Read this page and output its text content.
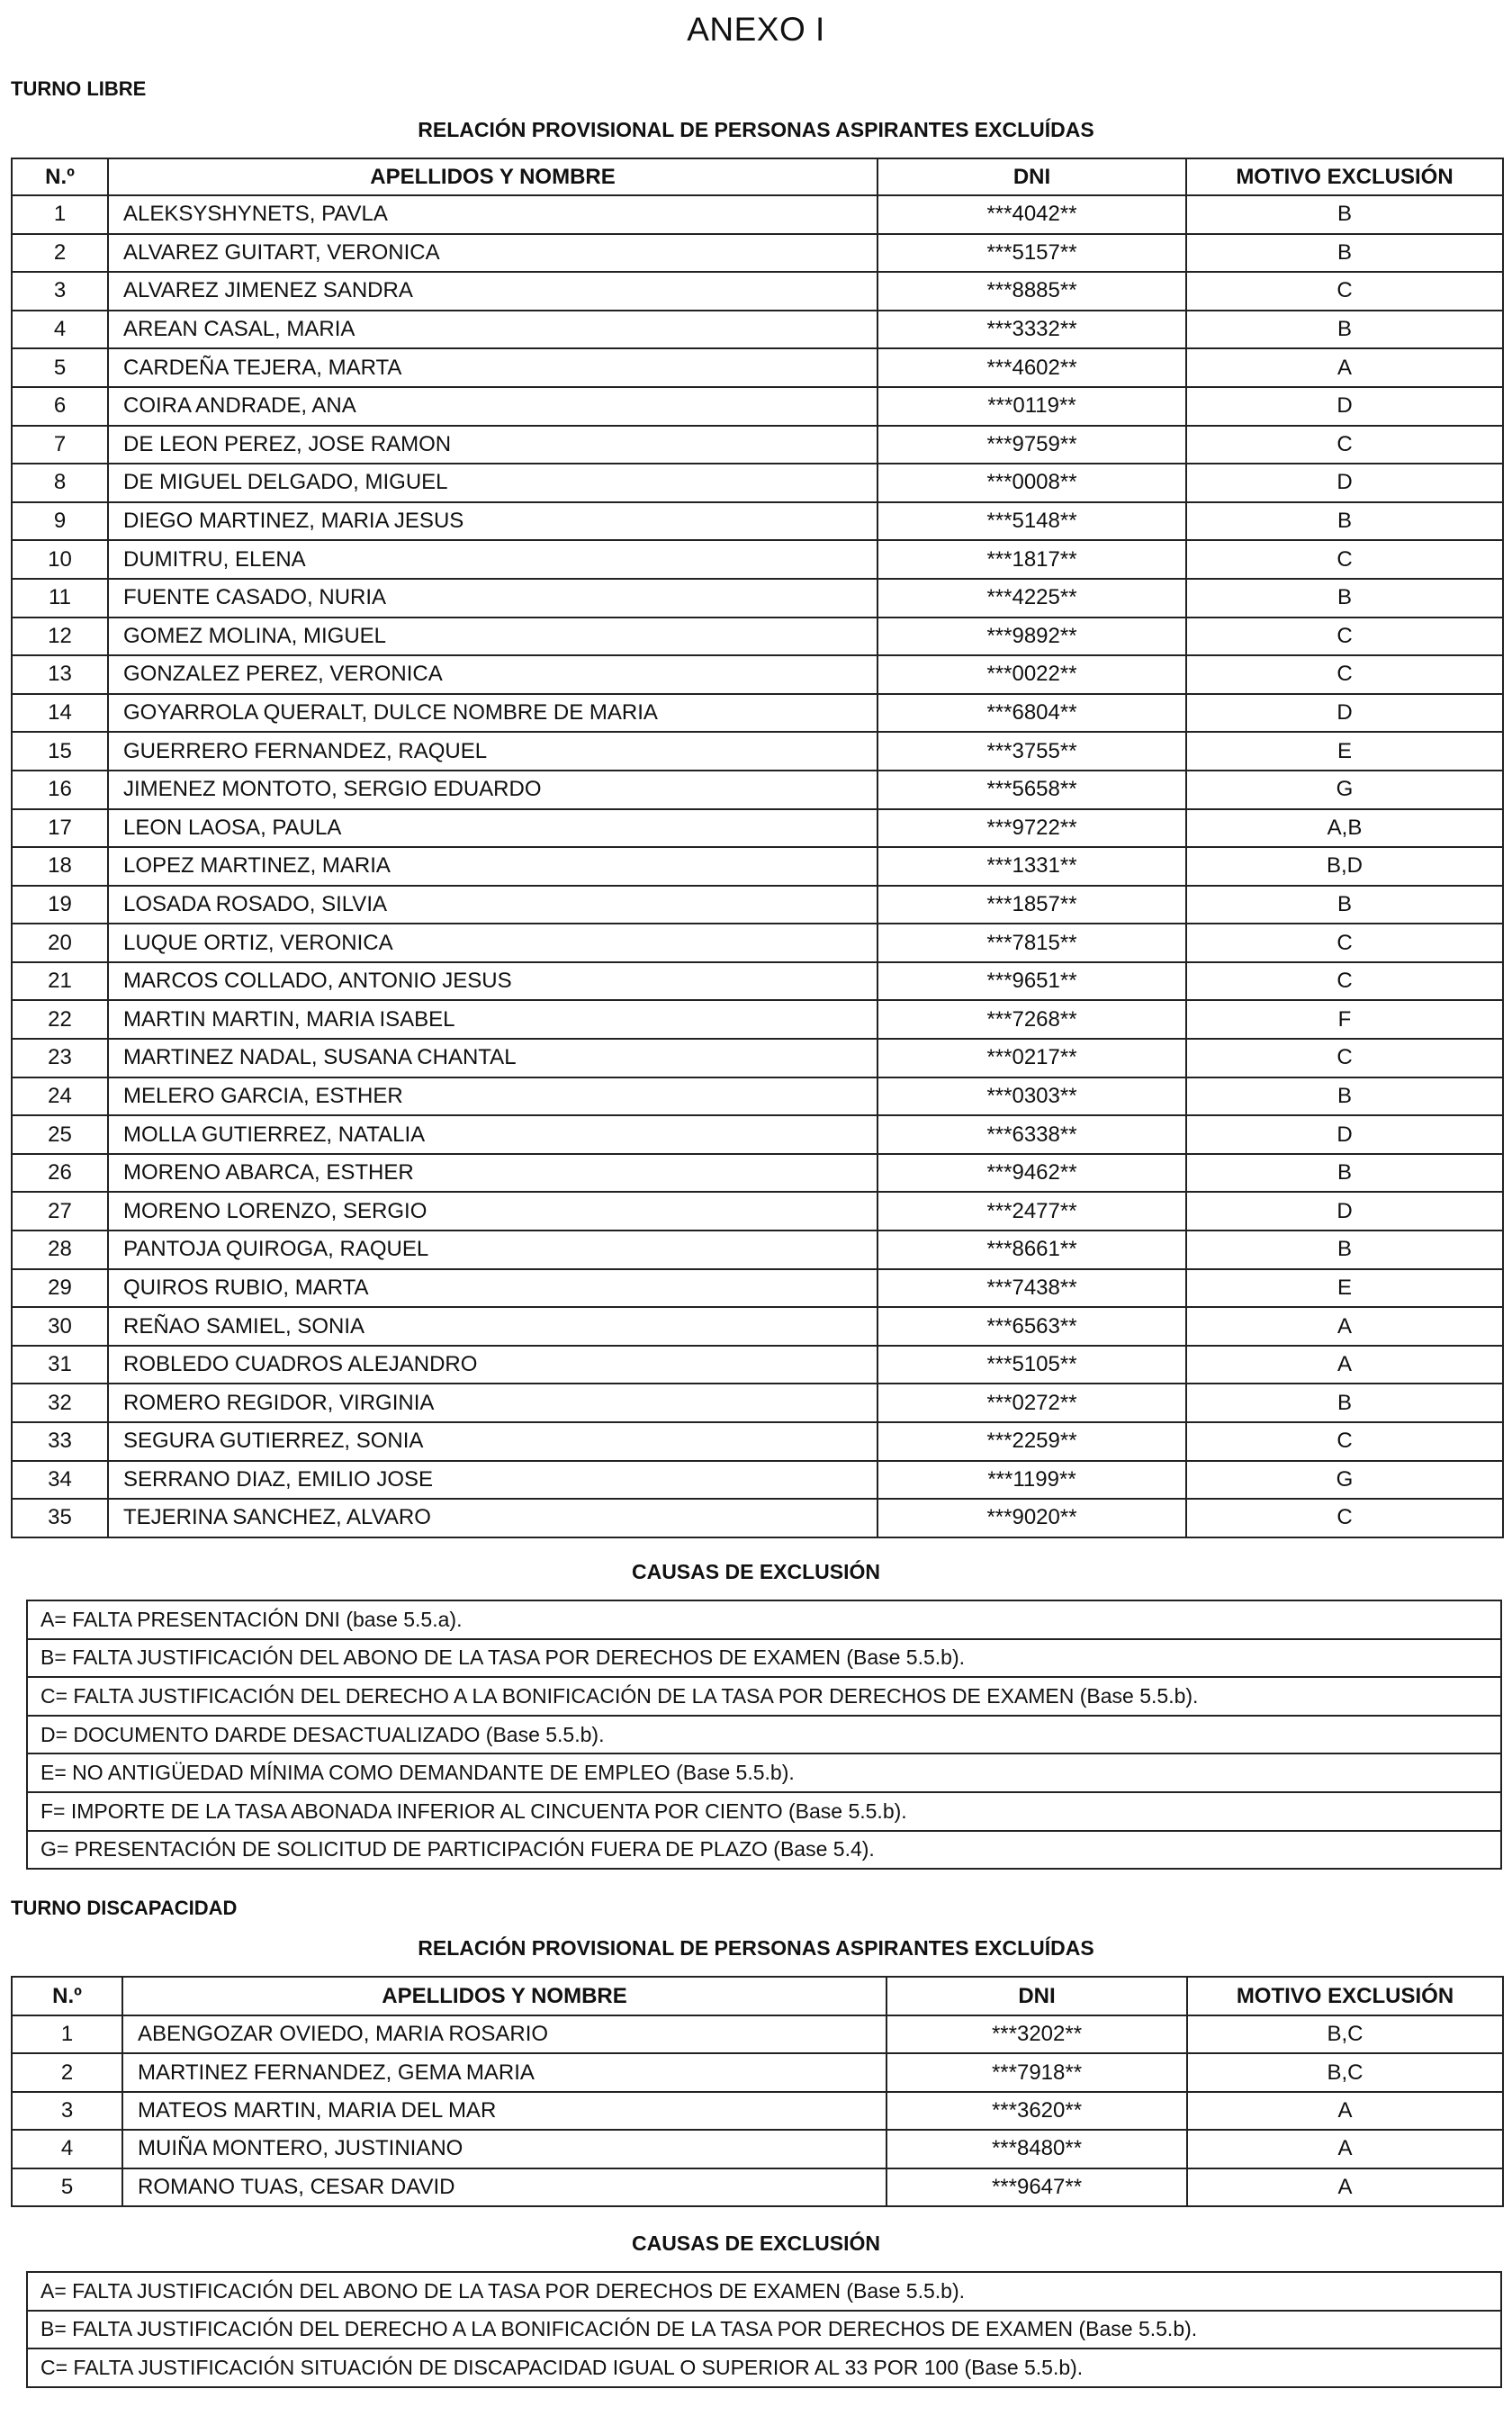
ANEXO I
TURNO LIBRE
RELACIÓN PROVISIONAL DE PERSONAS ASPIRANTES EXCLUÍDAS
N.º	APELLIDOS Y NOMBRE	DNI	MOTIVO EXCLUSIÓN
1	ALEKSYSHYNETS, PAVLA	***4042**	B
2	ALVAREZ GUITART, VERONICA	***5157**	B
3	ALVAREZ JIMENEZ SANDRA	***8885**	C
4	AREAN CASAL, MARIA	***3332**	B
5	CARDEÑA TEJERA, MARTA	***4602**	A
6	COIRA ANDRADE, ANA	***0119**	D
7	DE LEON PEREZ, JOSE RAMON	***9759**	C
8	DE MIGUEL DELGADO, MIGUEL	***0008**	D
9	DIEGO MARTINEZ, MARIA JESUS	***5148**	B
10	DUMITRU, ELENA	***1817**	C
11	FUENTE CASADO, NURIA	***4225**	B
12	GOMEZ MOLINA, MIGUEL	***9892**	C
13	GONZALEZ PEREZ, VERONICA	***0022**	C
14	GOYARROLA QUERALT, DULCE NOMBRE DE MARIA	***6804**	D
15	GUERRERO FERNANDEZ, RAQUEL	***3755**	E
16	JIMENEZ MONTOTO, SERGIO EDUARDO	***5658**	G
17	LEON LAOSA, PAULA	***9722**	A,B
18	LOPEZ MARTINEZ, MARIA	***1331**	B,D
19	LOSADA ROSADO, SILVIA	***1857**	B
20	LUQUE ORTIZ, VERONICA	***7815**	C
21	MARCOS COLLADO, ANTONIO JESUS	***9651**	C
22	MARTIN MARTIN, MARIA ISABEL	***7268**	F
23	MARTINEZ NADAL, SUSANA CHANTAL	***0217**	C
24	MELERO GARCIA, ESTHER	***0303**	B
25	MOLLA GUTIERREZ, NATALIA	***6338**	D
26	MORENO ABARCA, ESTHER	***9462**	B
27	MORENO LORENZO, SERGIO	***2477**	D
28	PANTOJA QUIROGA, RAQUEL	***8661**	B
29	QUIROS RUBIO, MARTA	***7438**	E
30	REÑAO SAMIEL, SONIA	***6563**	A
31	ROBLEDO CUADROS ALEJANDRO	***5105**	A
32	ROMERO REGIDOR, VIRGINIA	***0272**	B
33	SEGURA GUTIERREZ, SONIA	***2259**	C
34	SERRANO DIAZ, EMILIO JOSE	***1199**	G
35	TEJERINA SANCHEZ, ALVARO	***9020**	C
CAUSAS DE EXCLUSIÓN
A= FALTA PRESENTACIÓN DNI (base 5.5.a).
B= FALTA JUSTIFICACIÓN DEL ABONO DE LA TASA POR DERECHOS DE EXAMEN (Base 5.5.b).
C= FALTA JUSTIFICACIÓN DEL DERECHO A LA BONIFICACIÓN DE LA TASA POR DERECHOS DE EXAMEN (Base 5.5.b).
D= DOCUMENTO DARDE DESACTUALIZADO (Base 5.5.b).
E= NO ANTIGÜEDAD MÍNIMA COMO DEMANDANTE DE EMPLEO (Base 5.5.b).
F= IMPORTE DE LA TASA ABONADA INFERIOR AL CINCUENTA POR CIENTO (Base 5.5.b).
G= PRESENTACIÓN DE SOLICITUD DE PARTICIPACIÓN FUERA DE PLAZO (Base 5.4).
TURNO DISCAPACIDAD
RELACIÓN PROVISIONAL DE PERSONAS ASPIRANTES EXCLUÍDAS
N.º	APELLIDOS Y NOMBRE	DNI	MOTIVO EXCLUSIÓN
1	ABENGOZAR OVIEDO, MARIA ROSARIO	***3202**	B,C
2	MARTINEZ FERNANDEZ, GEMA MARIA	***7918**	B,C
3	MATEOS MARTIN, MARIA DEL MAR	***3620**	A
4	MUIÑA MONTERO, JUSTINIANO	***8480**	A
5	ROMANO TUAS, CESAR DAVID	***9647**	A
CAUSAS DE EXCLUSIÓN
A= FALTA JUSTIFICACIÓN DEL ABONO DE LA TASA POR DERECHOS DE EXAMEN (Base 5.5.b).
B= FALTA JUSTIFICACIÓN DEL DERECHO A LA BONIFICACIÓN DE LA TASA POR DERECHOS DE EXAMEN (Base 5.5.b).
C= FALTA JUSTIFICACIÓN SITUACIÓN DE DISCAPACIDAD IGUAL O SUPERIOR AL 33 POR 100 (Base 5.5.b).
